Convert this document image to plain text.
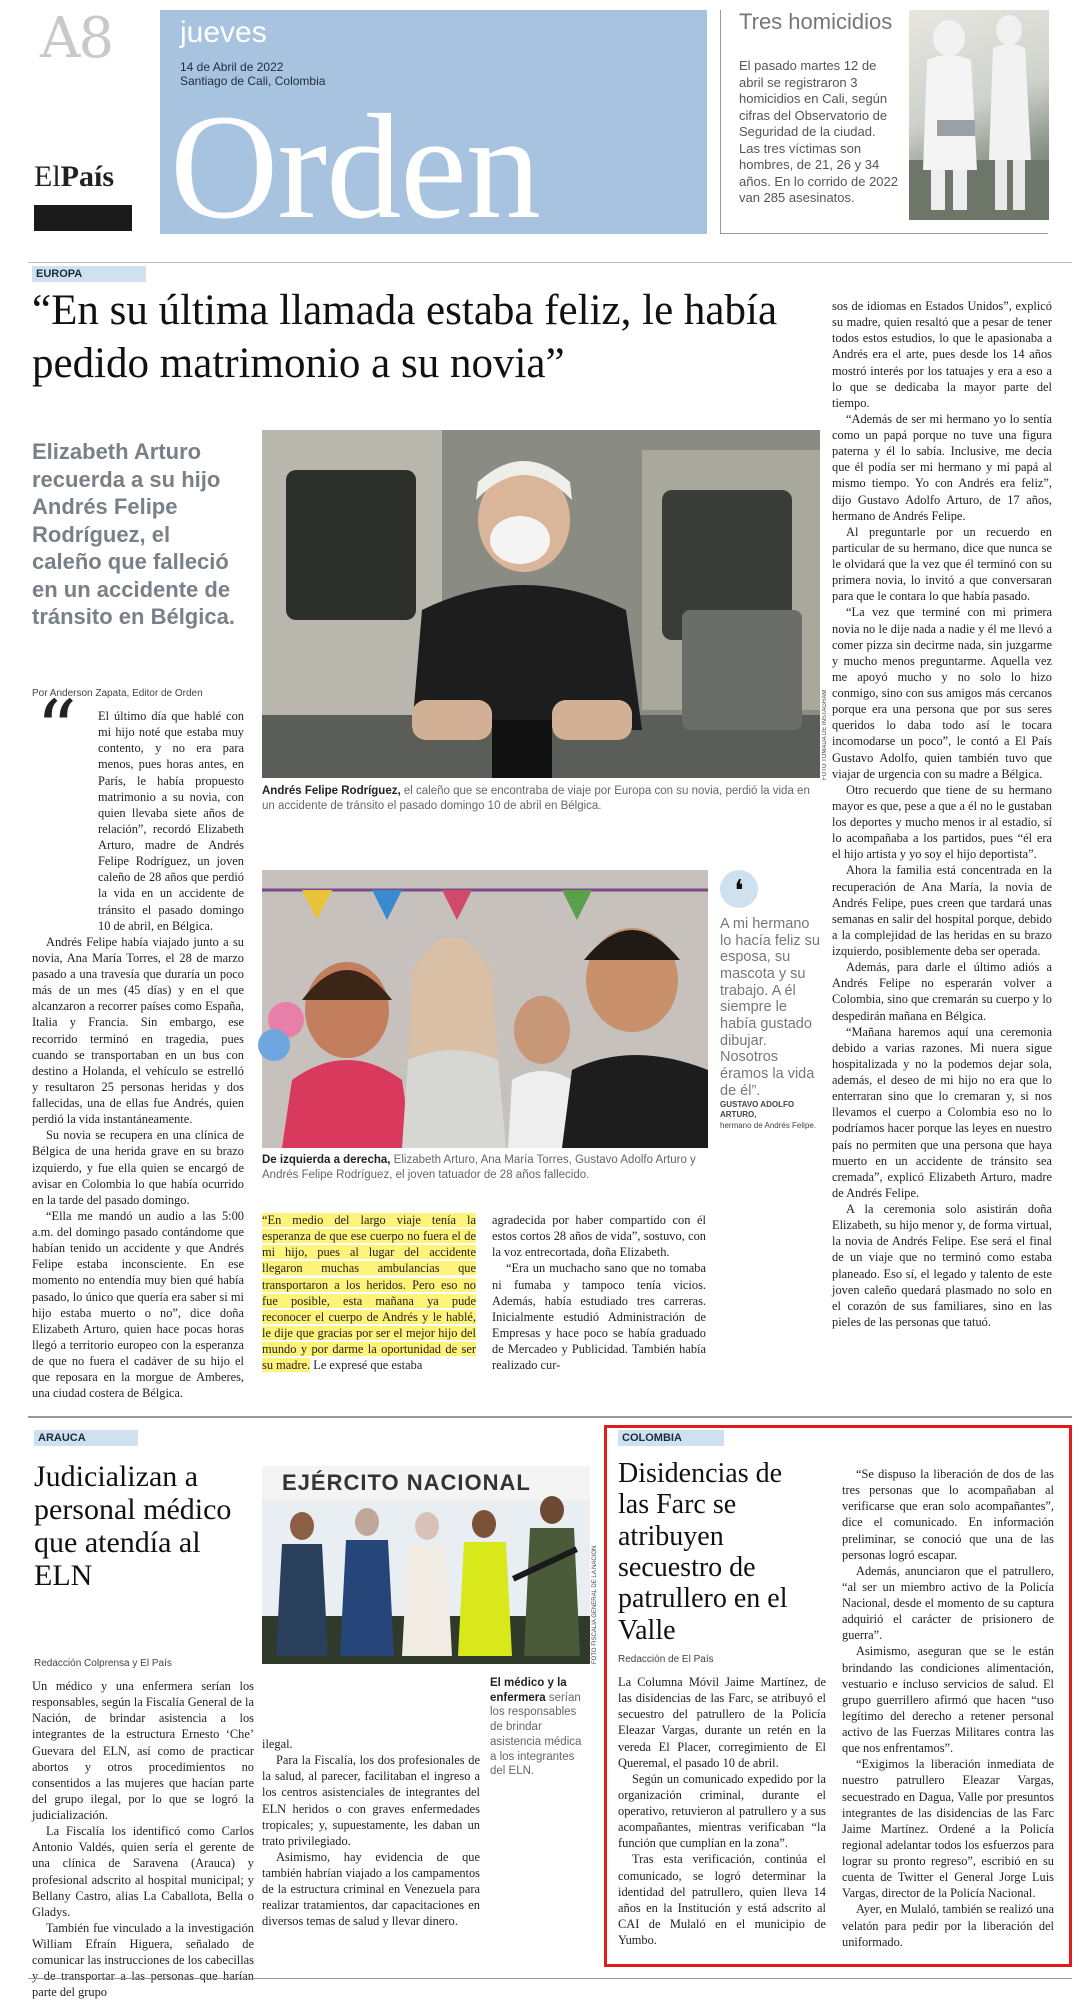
A8
ElPaís
jueves
14 de Abril de 2022
Santiago de Cali, Colombia
Orden
Tres homicidios
El pasado martes 12 de abril se registraron 3 homicidios en Cali, según cifras del Observatorio de Seguridad de la ciudad. Las tres víctimas son hombres, de 21, 26 y 34 años. En lo corrido de 2022 van 285 asesinatos.
EUROPA
“En su última llamada estaba feliz, le había pedido matrimonio a su novia”
Elizabeth Arturo recuerda a su hijo Andrés Felipe Rodríguez, el caleño que falleció en un accidente de tránsito en Bélgica.
Por Anderson Zapata, Editor de Orden
“	El último día que hablé con mi hijo noté que estaba muy contento, y no era para menos, pues horas antes, en París, le había propuesto matrimonio a su novia, con quien llevaba siete años de relación”, recordó Elizabeth Arturo, madre de Andrés Felipe Rodríguez, un joven caleño de 28 años que perdió la vida en un accidente de tránsito el pasado domingo 10 de abril, en Bélgica.

Andrés Felipe había viajado junto a su novia, Ana María Torres, el 28 de marzo pasado a una travesía que duraría un poco más de un mes (45 días) y en el que alcanzaron a recorrer países como España, Italia y Francia. Sin embargo, ese recorrido terminó en tragedia, pues cuando se transportaban en un bus con destino a Holanda, el vehículo se estrelló y resultaron 25 personas heridas y dos fallecidas, una de ellas fue Andrés, quien perdió la vida instantáneamente.

Su novia se recupera en una clínica de Bélgica de una herida grave en su brazo izquierdo, y fue ella quien se encargó de avisar en Colombia lo que había ocurrido en la tarde del pasado domingo.

“Ella me mandó un audio a las 5:00 a.m. del domingo pasado contándome que habían tenido un accidente y que Andrés Felipe estaba inconsciente. En ese momento no entendía muy bien qué había pasado, lo único que quería era saber si mi hijo estaba muerto o no”, dice doña Elizabeth Arturo, quien hace pocas horas llegó a territorio europeo con la esperanza de que no fuera el cadáver de su hijo el que reposara en la morgue de Amberes, una ciudad costera de Bélgica.

FOTO TOMADA DE INSTAGRAM
Andrés Felipe Rodríguez, el caleño que se encontraba de viaje por Europa con su novia, perdió la vida en un accidente de tránsito el pasado domingo 10 de abril en Bélgica.
De izquierda a derecha, Elizabeth Arturo, Ana María Torres, Gustavo Adolfo Arturo y Andrés Felipe Rodríguez, el joven tatuador de 28 años fallecido.
❛
A mi hermano lo hacía feliz su esposa, su mascota y su trabajo. A él siempre le había gustado dibujar. Nosotros éramos la vida de él”.
GUSTAVO ADOLFO ARTURO,
hermano de Andrés Felipe.

“En medio del largo viaje tenía la esperanza de que ese cuerpo no fuera el de mi hijo, pues al lugar del accidente llegaron muchas ambulancias que transportaron a los heridos. Pero eso no fue posible, esta mañana ya pude reconocer el cuerpo de Andrés y le hablé, le dije que gracias por ser el mejor hijo del mundo y por darme la oportunidad de ser su madre. Le expresé que estaba

agradecida por haber compartido con él estos cortos 28 años de vida”, sostuvo, con la voz entrecortada, doña Elizabeth.

“Era un muchacho sano que no tomaba ni fumaba y tampoco tenía vicios. Además, había estudiado tres carreras. Inicialmente estudió Administración de Empresas y hace poco se había graduado de Mercadeo y Publicidad. También había realizado cur-

sos de idiomas en Estados Unidos”, explicó su madre, quien resaltó que a pesar de tener todos estos estudios, lo que le apasionaba a Andrés era el arte, pues desde los 14 años mostró interés por los tatuajes y era a eso a lo que se dedicaba la mayor parte del tiempo.

“Además de ser mi hermano yo lo sentía como un papá porque no tuve una figura paterna y él lo sabía. Inclusive, me decía que él podía ser mi hermano y mi papá al mismo tiempo. Yo con Andrés era feliz”, dijo Gustavo Adolfo Arturo, de 17 años, hermano de Andrés Felipe.

Al preguntarle por un recuerdo en particular de su hermano, dice que nunca se le olvidará que la vez que él terminó con su primera novia, lo invitó a que conversaran para que le contara lo que había pasado.

“La vez que terminé con mi primera novia no le dije nada a nadie y él me llevó a comer pizza sin decirme nada, sin juzgarme y mucho menos preguntarme. Aquella vez me apoyó mucho y no solo lo hizo conmigo, sino con sus amigos más cercanos porque era una persona que por sus seres queridos lo daba todo así le tocara incomodarse un poco”, le contó a El País Gustavo Adolfo, quien también tuvo que viajar de urgencia con su madre a Bélgica.

Otro recuerdo que tiene de su hermano mayor es que, pese a que a él no le gustaban los deportes y mucho menos ir al estadio, sí lo acompañaba a los partidos, pues “él era el hijo artista y yo soy el hijo deportista”.

Ahora la familia está concentrada en la recuperación de Ana María, la novia de Andrés Felipe, pues creen que tardará unas semanas en salir del hospital porque, debido a la complejidad de las heridas en su brazo izquierdo, posiblemente deba ser operada.

Además, para darle el último adiós a Andrés Felipe no esperarán volver a Colombia, sino que cremarán su cuerpo y lo despedirán mañana en Bélgica.

“Mañana haremos aquí una ceremonia debido a varias razones. Mi nuera sigue hospitalizada y no la podemos dejar sola, además, el deseo de mi hijo no era que lo enterraran sino que lo cremaran y, si nos llevamos el cuerpo a Colombia eso no lo podríamos hacer porque las leyes en nuestro país no permiten que una persona que haya muerto en un accidente de tránsito sea cremada”, explicó Elizabeth Arturo, madre de Andrés Felipe.

A la ceremonia solo asistirán doña Elizabeth, su hijo menor y, de forma virtual, la novia de Andrés Felipe. Ese será el final de un viaje que no terminó como estaba planeado. Eso sí, el legado y talento de este joven caleño quedará plasmado no solo en el corazón de sus familiares, sino en las pieles de las personas que tatuó.

ARAUCA
Judicializan a personal médico que atendía al ELN
Redacción Colprensa y El País

Un médico y una enfermera serían los responsables, según la Fiscalía General de la Nación, de brindar asistencia a los integrantes de la estructura Ernesto ‘Che’ Guevara del ELN, así como de practicar abortos y otros procedimientos no consentidos a las mujeres que hacían parte del grupo ilegal, por lo que se logró la judicialización.

La Fiscalía los identificó como Carlos Antonio Valdés, quien sería el gerente de una clínica de Saravena (Arauca) y profesional adscrito al hospital municipal; y Bellany Castro, alias La Caballota, Bella o Gladys.

También fue vinculado a la investigación William Efraín Higuera, señalado de comunicar las instrucciones de los cabecillas y de transportar a las personas que harían parte del grupo

EJÉRCITO NACIONAL
FOTO FISCALÍA GENERAL DE LA NACIÓN
El médico y la enfermera serían los responsables de brindar asistencia médica a los integrantes del ELN.

ilegal.

Para la Fiscalía, los dos profesionales de la salud, al parecer, facilitaban el ingreso a los centros asistenciales de integrantes del ELN heridos o con graves enfermedades tropicales; y, supuestamente, les daban un trato privilegiado.

Asimismo, hay evidencia de que también habrían viajado a los campamentos de la estructura criminal en Venezuela para realizar tratamientos, dar capacitaciones en diversos temas de salud y llevar dinero.

COLOMBIA
Disidencias de las Farc se atribuyen secuestro de patrullero en el Valle
Redacción de El País

La Columna Móvil Jaime Martínez, de las disidencias de las Farc, se atribuyó el secuestro del patrullero de la Policía Eleazar Vargas, durante un retén en la vereda El Placer, corregimiento de El Queremal, el pasado 10 de abril.

Según un comunicado expedido por la organización criminal, durante el operativo, retuvieron al patrullero y a sus acompañantes, mientras verificaban “la función que cumplían en la zona”.

Tras esta verificación, continúa el comunicado, se logró determinar la identidad del patrullero, quien lleva 14 años en la Institución y está adscrito al CAI de Mulaló en el municipio de Yumbo.

“Se dispuso la liberación de dos de las tres personas que lo acompañaban al verificarse que eran solo acompañantes”, dice el comunicado. En información preliminar, se conoció que una de las personas logró escapar.

Además, anunciaron que el patrullero, “al ser un miembro activo de la Policía Nacional, desde el momento de su captura adquirió el carácter de prisionero de guerra”.

Asimismo, aseguran que se le están brindando las condiciones alimentación, vestuario e incluso servicios de salud. El grupo guerrillero afirmó que hacen “uso legítimo del derecho a retener personal activo de las Fuerzas Militares contra las que nos enfrentamos”.

“Exigimos la liberación inmediata de nuestro patrullero Eleazar Vargas, secuestrado en Dagua, Valle por presuntos integrantes de las disidencias de las Farc Jaime Martínez. Ordené a la Policía regional adelantar todos los esfuerzos para lograr su pronto regreso”, escribió en su cuenta de Twitter el General Jorge Luis Vargas, director de la Policía Nacional.

Ayer, en Mulaló, también se realizó una velatón para pedir por la liberación del uniformado.
